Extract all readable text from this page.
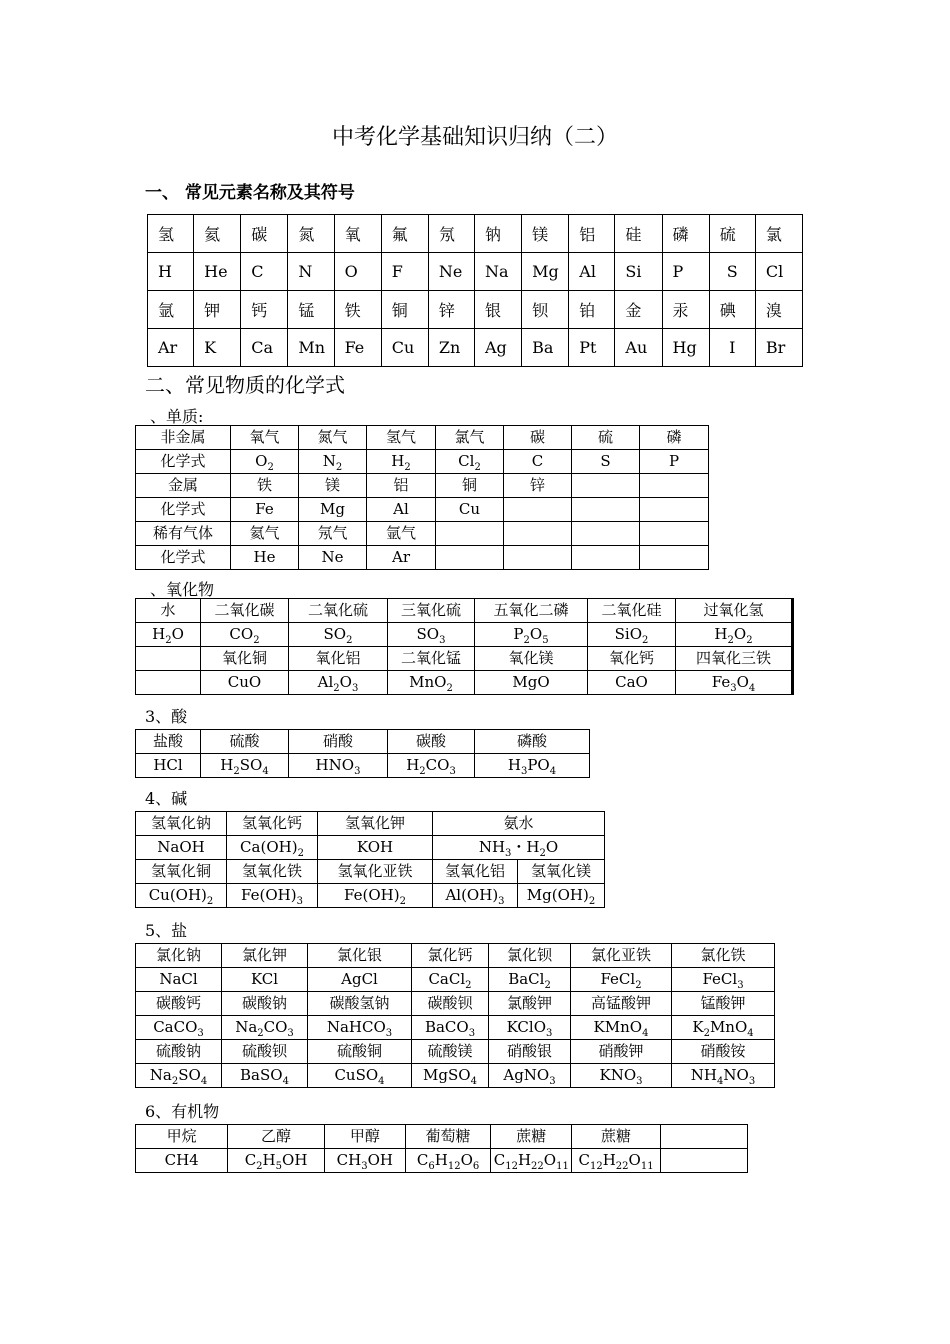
中考化学基础知识归纳（二）
一、 常见元素名称及其符号
氢	氦	碳	氮	氧	氟	氖	钠	镁	铝	硅	磷	硫	氯
H	He	C	N	O	F	Ne	Na	Mg	Al	Si	P	S	Cl
氩	钾	钙	锰	铁	铜	锌	银	钡	铂	金	汞	碘	溴
Ar	K	Ca	Mn	Fe	Cu	Zn	Ag	Ba	Pt	Au	Hg	I	Br
二、常见物质的化学式
、单质:
非金属	氧气	氮气	氢气	氯气	碳	硫	磷
化学式	$O_2$	$N_2$	$H_2$	$Cl_2$	C	S	P
金属	铁	镁	铝	铜	锌		
化学式	Fe	Mg	Al	Cu			
稀有气体	氦气	氖气	氩气				
化学式	He	Ne	Ar				
、氧化物
水	二氧化碳	二氧化硫	三氧化硫	五氧化二磷	二氧化硅	过氧化氢
$H_2O$	$CO_2$	$SO_2$	$SO_3$	$P_2O_5$	SiO$_2$	$H_2O_2$
	氧化铜	氧化铝	二氧化锰	氧化镁	氧化钙	四氧化三铁
	CuO	$Al_2O_3$	MnO$_2$	MgO	CaO	$Fe_3O_4$
3、酸
盐酸	硫酸	硝酸	碳酸	磷酸
HCl	$H_2SO_4$	$HNO_3$	$H_2CO_3$	$H_3PO_4$
4、碱
氢氧化钠	氢氧化钙	氢氧化钾	氨水	
NaOH	$Ca(OH)_2$	KOH	$NH_3$・$H_2O$	
氢氧化铜	氢氧化铁	氢氧化亚铁	氢氧化铝	氢氧化镁
$Cu(OH)_2$	$Fe(OH)_3$	$Fe(OH)_2$	$Al(OH)_3$	$Mg(OH)_2$
5、盐
氯化钠	氯化钾	氯化银	氯化钙	氯化钡	氯化亚铁	氯化铁
NaCl	KCl	AgCl	CaCl$_2$	BaCl$_2$	FeCl$_2$	FeCl$_3$
碳酸钙	碳酸钠	碳酸氢钠	碳酸钡	氯酸钾	高锰酸钾	锰酸钾
CaCO$_3$	$Na_2CO_3$	NaHCO$_3$	BaCO$_3$	KClO$_3$	KMnO$_4$	$K_2MnO_4$
硫酸钠	硫酸钡	硫酸铜	硫酸镁	硝酸银	硝酸钾	硝酸铵
$Na_2SO_4$	BaSO$_4$	CuSO$_4$	MgSO$_4$	AgNO$_3$	$KNO_3$	$NH_4NO_3$
6、有机物
甲烷	乙醇	甲醇	葡萄糖	蔗糖	蔗糖	
CH4	$C_2H_5OH$	$CH_3OH$	$C_6H_{12}O_6$	$C_{12}H_{22}O_{11}$	$C_{12}H_{22}O_{11}$	
